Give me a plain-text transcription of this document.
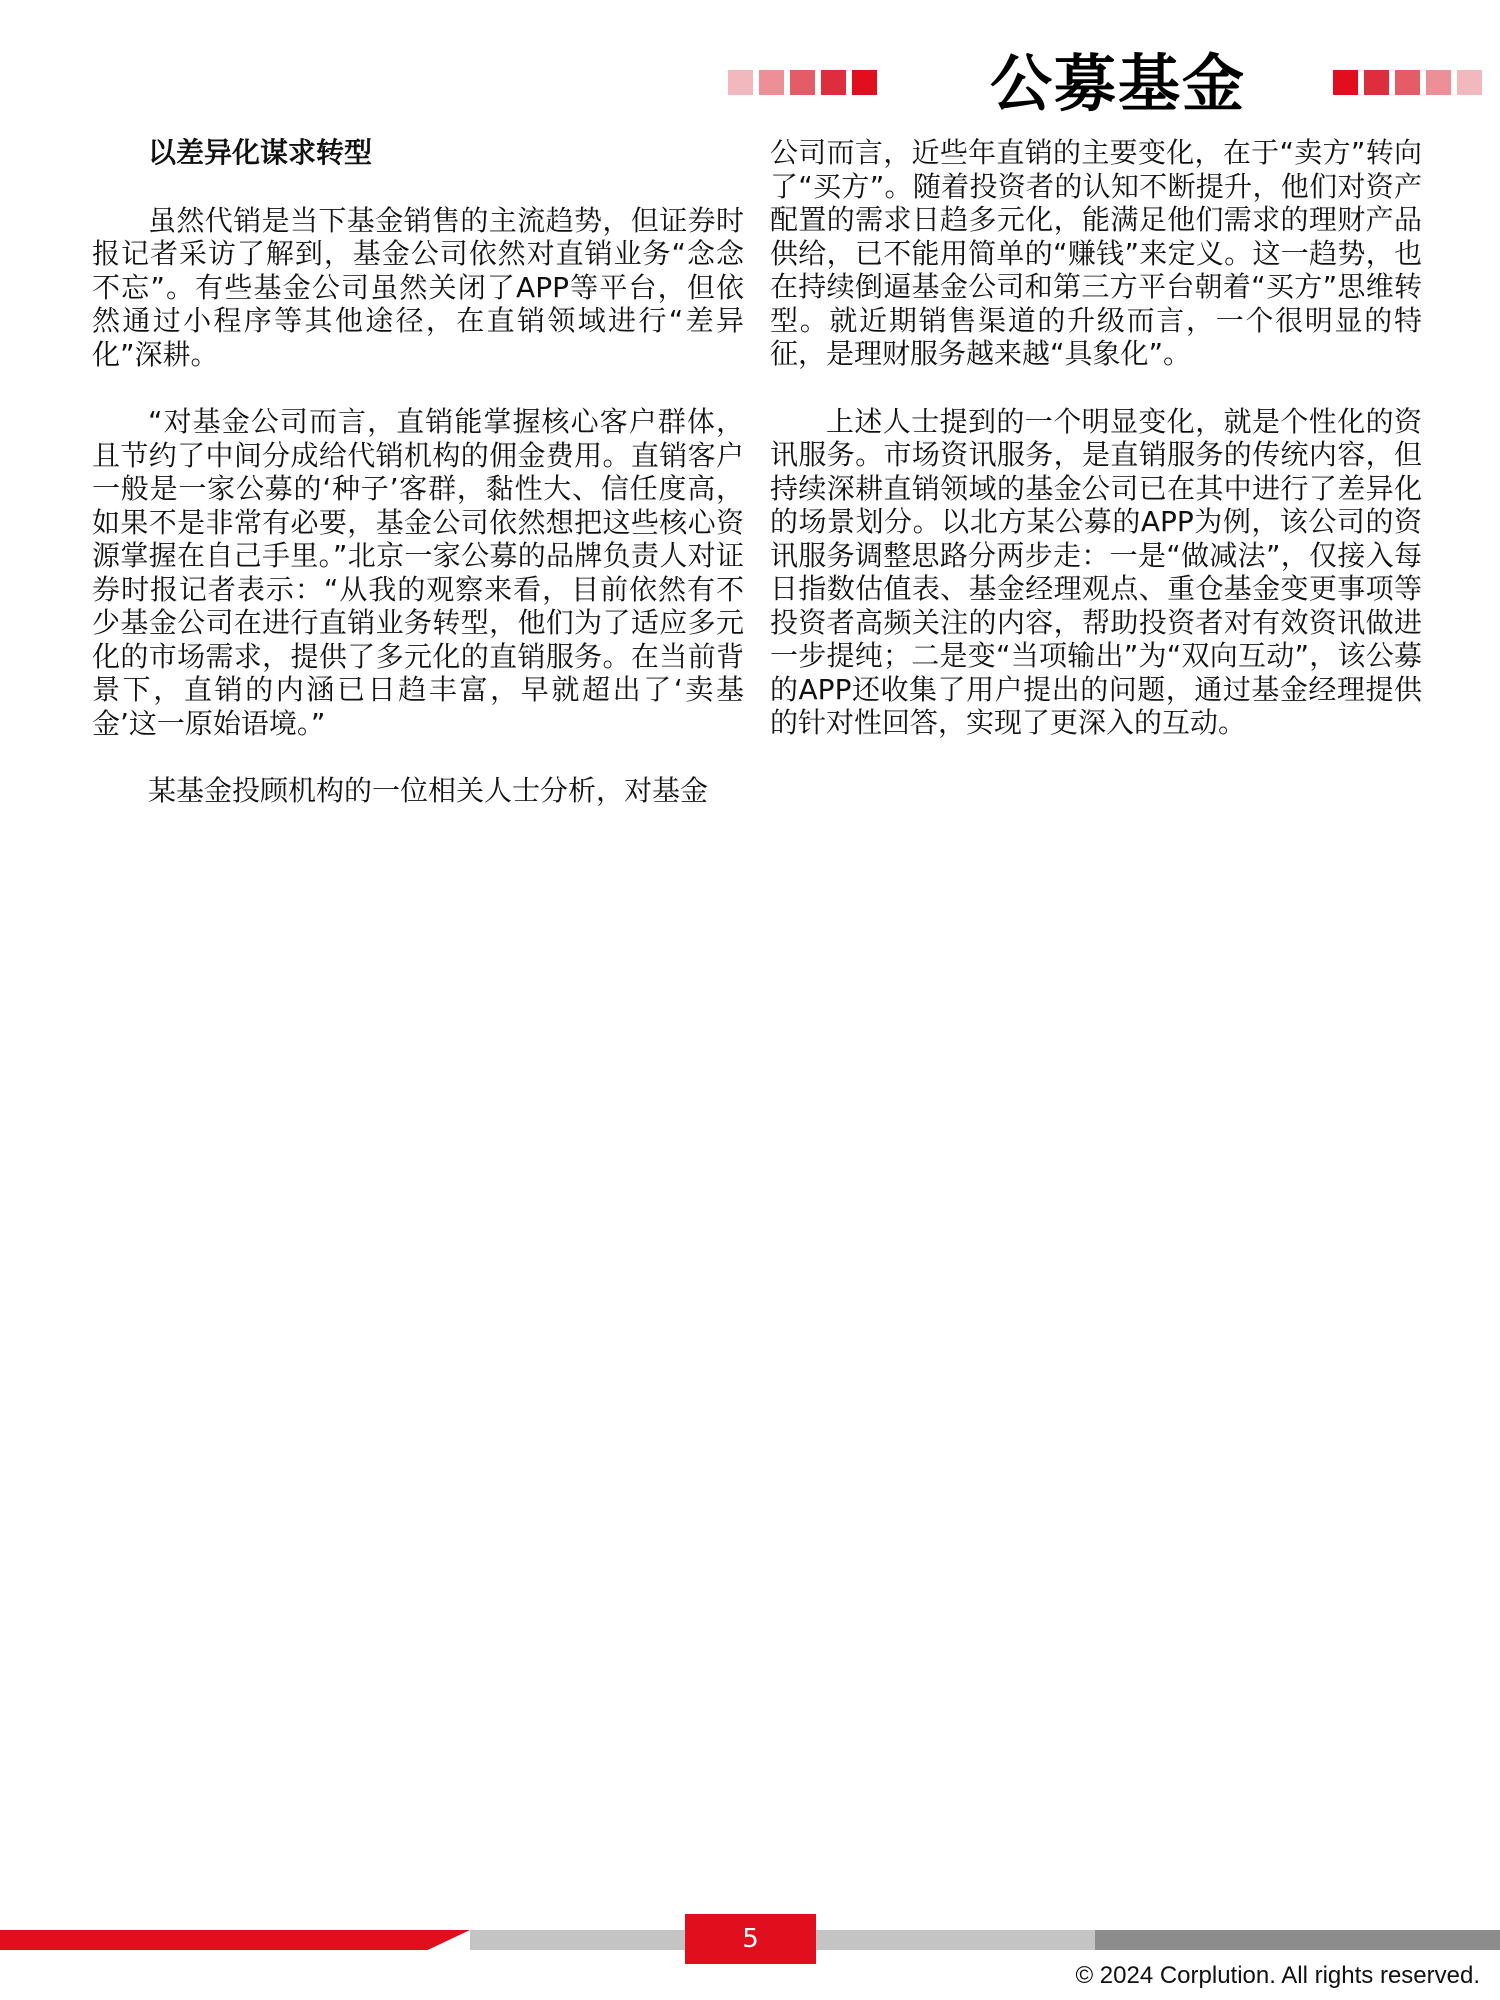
公募基金
以差异化谋求转型

虽然代销是当下基金销售的主流趋势，但证券时报记者采访了解到，基金公司依然对直销业务“念念不忘”。有些基金公司虽然关闭了APP等平台，但依然通过小程序等其他途径，在直销领域进行“差异化”深耕。

“对基金公司而言，直销能掌握核心客户群体，且节约了中间分成给代销机构的佣金费用。直销客户一般是一家公募的‘种子’客群，黏性大、信任度高，如果不是非常有必要，基金公司依然想把这些核心资源掌握在自己手里。”北京一家公募的品牌负责人对证券时报记者表示：“从我的观察来看，目前依然有不少基金公司在进行直销业务转型，他们为了适应多元化的市场需求，提供了多元化的直销服务。在当前背景下，直销的内涵已日趋丰富，早就超出了‘卖基金’这一原始语境。”

某基金投顾机构的一位相关人士分析，对基金

公司而言，近些年直销的主要变化，在于“卖方”转向了“买方”。随着投资者的认知不断提升，他们对资产配置的需求日趋多元化，能满足他们需求的理财产品供给，已不能用简单的“赚钱”来定义。这一趋势，也在持续倒逼基金公司和第三方平台朝着“买方”思维转型。就近期销售渠道的升级而言，一个很明显的特征，是理财服务越来越“具象化”。

上述人士提到的一个明显变化，就是个性化的资讯服务。市场资讯服务，是直销服务的传统内容，但持续深耕直销领域的基金公司已在其中进行了差异化的场景划分。以北方某公募的APP为例，该公司的资讯服务调整思路分两步走：一是“做减法”，仅接入每日指数估值表、基金经理观点、重仓基金变更事项等投资者高频关注的内容，帮助投资者对有效资讯做进一步提纯；二是变“当项输出”为“双向互动”，该公募的APP还收集了用户提出的问题，通过基金经理提供的针对性回答，实现了更深入的互动。

5
© 2024 Corplution. All rights reserved.
